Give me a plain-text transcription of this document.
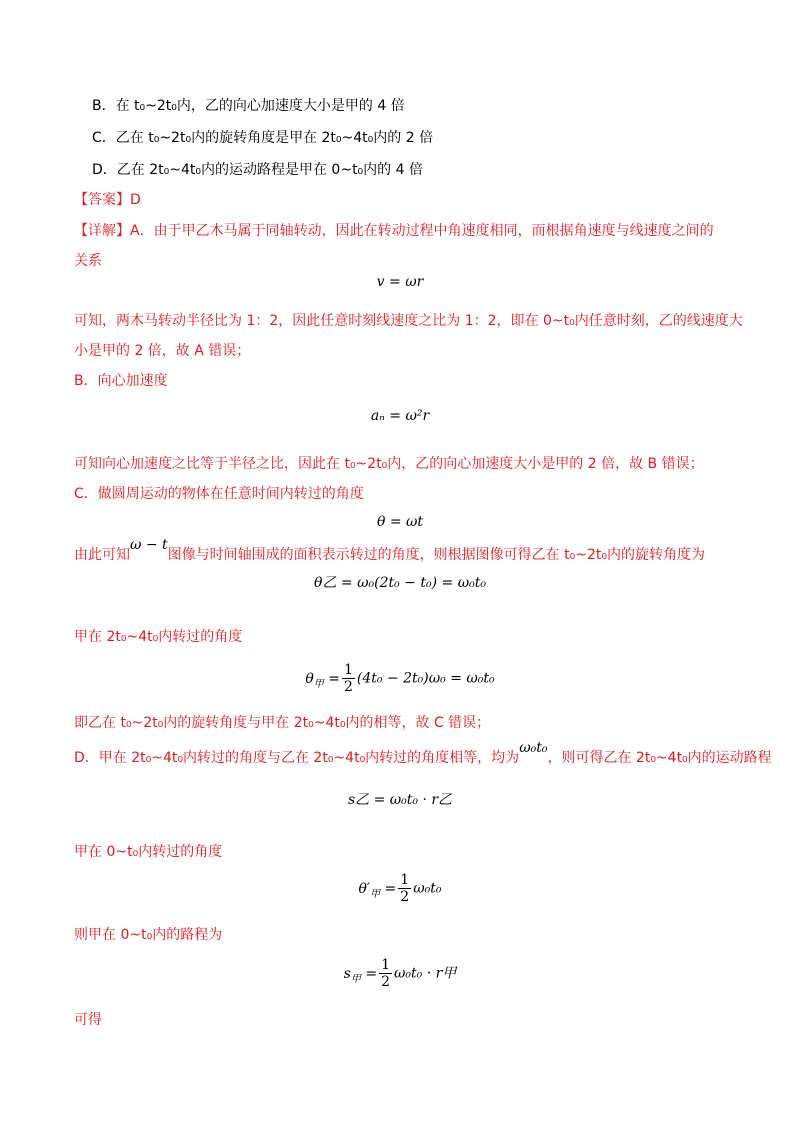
B．在 t₀~2t₀内，乙的向心加速度大小是甲的 4 倍
C．乙在 t₀~2t₀内的旋转角度是甲在 2t₀~4t₀内的 2 倍
D．乙在 2t₀~4t₀内的运动路程是甲在 0~t₀内的 4 倍
【答案】D
【详解】A．由于甲乙木马属于同轴转动，因此在转动过程中角速度相同，而根据角速度与线速度之间的
关系
v = ωr
可知，两木马转动半径比为 1：2，因此任意时刻线速度之比为 1：2，即在 0~t₀内任意时刻，乙的线速度大
小是甲的 2 倍，故 A 错误；
B．向心加速度
aₙ = ω²r
可知向心加速度之比等于半径之比，因此在 t₀~2t₀内，乙的向心加速度大小是甲的 2 倍，故 B 错误；
C．做圆周运动的物体在任意时间内转过的角度
θ = ωt
由此可知ω − t图像与时间轴围成的面积表示转过的角度，则根据图像可得乙在 t₀~2t₀内的旋转角度为
θ乙 = ω₀(2t₀ − t₀) = ω₀t₀
甲在 2t₀~4t₀内转过的角度
$\theta_甲 = \frac{1}{2} (4t_0 - 2t_0)\omega_0 = \omega_0t_0$
即乙在 t₀~2t₀内的旋转角度与甲在 2t₀~4t₀内的相等，故 C 错误；
D．甲在 2t₀~4t₀内转过的角度与乙在 2t₀~4t₀内转过的角度相等，均为ω₀t₀，则可得乙在 2t₀~4t₀内的运动路程
s乙 = ω₀t₀ · r乙
甲在 0~t₀内转过的角度
$\theta'_甲 = \frac{1}{2} \omega_0t_0$
则甲在 0~t₀内的路程为
$s_甲 = \frac{1}{2} \omega_0t_0 \cdot r$甲
可得
